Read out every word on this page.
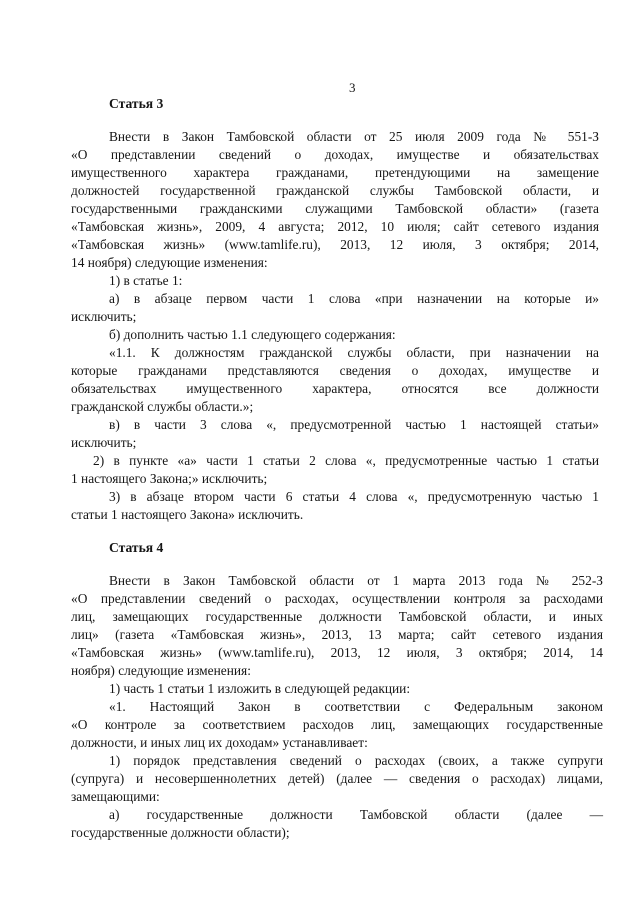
3
Статья 3
Внести в Закон Тамбовской области от 25 июля 2009 года № 551-З
«О представлении сведений о доходах, имуществе и обязательствах
имущественного характера гражданами, претендующими на замещение
должностей государственной гражданской службы Тамбовской области, и
государственными гражданскими служащими Тамбовской области» (газета
«Тамбовская жизнь», 2009, 4 августа; 2012, 10 июля; сайт сетевого издания
«Тамбовская жизнь» (www.tamlife.ru), 2013, 12 июля, 3 октября; 2014,
14 ноября) следующие изменения:
1) в статье 1:
а) в абзаце первом части 1 слова «при назначении на которые и»
исключить;
б) дополнить частью 1.1 следующего содержания:
«1.1. К должностям гражданской службы области, при назначении на
которые гражданами представляются сведения о доходах, имуществе и
обязательствах имущественного характера, относятся все должности
гражданской службы области.»;
в) в части 3 слова «, предусмотренной частью 1 настоящей статьи»
исключить;
2) в пункте «а» части 1 статьи 2 слова «, предусмотренные частью 1 статьи
1 настоящего Закона;» исключить;
3) в абзаце втором части 6 статьи 4 слова «, предусмотренную частью 1
статьи 1 настоящего Закона» исключить.
Статья 4
Внести в Закон Тамбовской области от 1 марта 2013 года № 252-З
«О представлении сведений о расходах, осуществлении контроля за расходами
лиц, замещающих государственные должности Тамбовской области, и иных
лиц» (газета «Тамбовская жизнь», 2013, 13 марта; сайт сетевого издания
«Тамбовская жизнь» (www.tamlife.ru), 2013, 12 июля, 3 октября; 2014, 14
ноября) следующие изменения:
1) часть 1 статьи 1 изложить в следующей редакции:
«1. Настоящий Закон в соответствии с Федеральным законом
«О контроле за соответствием расходов лиц, замещающих государственные
должности, и иных лиц их доходам» устанавливает:
1) порядок представления сведений о расходах (своих, а также супруги
(супруга) и несовершеннолетних детей) (далее — сведения о расходах) лицами,
замещающими:
а) государственные должности Тамбовской области (далее —
государственные должности области);
